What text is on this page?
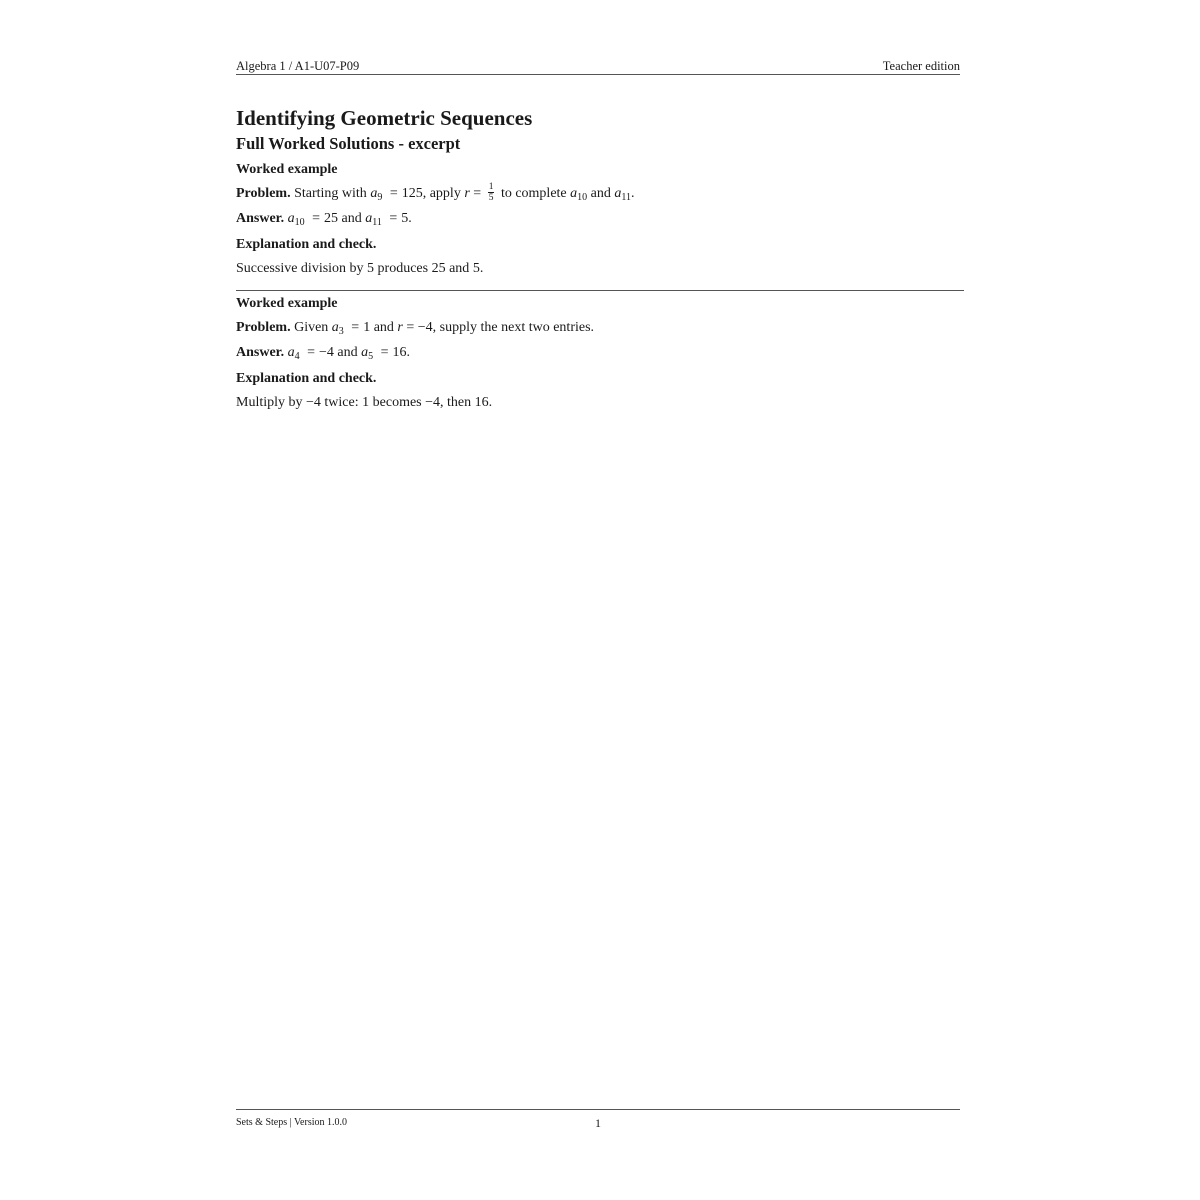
Algebra 1 / A1-U07-P09	Teacher edition
Identifying Geometric Sequences
Full Worked Solutions - excerpt
Worked example
Problem. Starting with $a_9 = 125$, apply $r = \frac{1}{5}$ to complete $a_{10}$ and $a_{11}$.
Answer. $a_{10} = 25$ and $a_{11} = 5$.
Explanation and check.
Successive division by 5 produces 25 and 5.
Worked example
Problem. Given $a_3 = 1$ and r = −4, supply the next two entries.
Answer. $a_4 = -4$ and $a_5 = 16$.
Explanation and check.
Multiply by −4 twice: 1 becomes −4, then 16.
Sets & Steps | Version 1.0.0	1
